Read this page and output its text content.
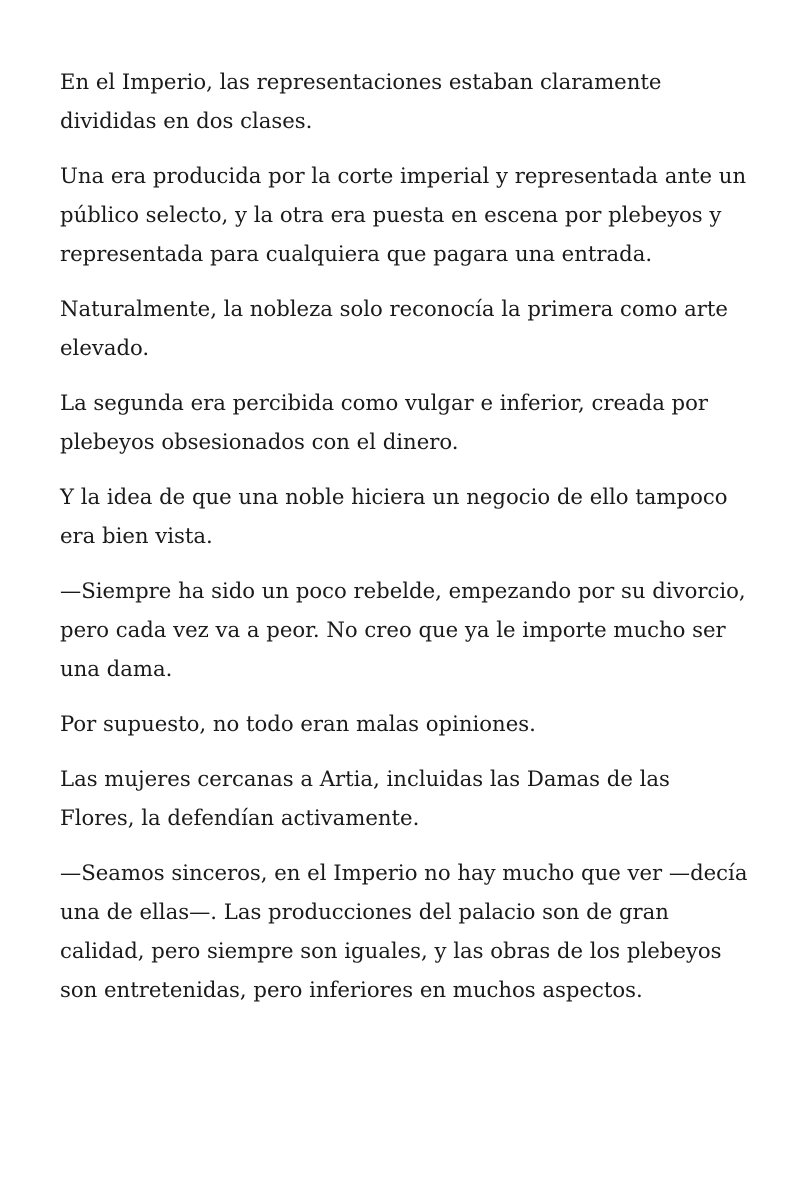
En el Imperio, las representaciones estaban claramente divididas en dos clases.

Una era producida por la corte imperial y representada ante un público selecto, y la otra era puesta en escena por plebeyos y representada para cualquiera que pagara una entrada.

Naturalmente, la nobleza solo reconocía la primera como arte elevado.

La segunda era percibida como vulgar e inferior, creada por plebeyos obsesionados con el dinero.

Y la idea de que una noble hiciera un negocio de ello tampoco era bien vista.

—Siempre ha sido un poco rebelde, empezando por su divorcio, pero cada vez va a peor. No creo que ya le importe mucho ser una dama.

Por supuesto, no todo eran malas opiniones.

Las mujeres cercanas a Artia, incluidas las Damas de las Flores, la defendían activamente.

—Seamos sinceros, en el Imperio no hay mucho que ver —decía una de ellas—. Las producciones del palacio son de gran calidad, pero siempre son iguales, y las obras de los plebeyos son entretenidas, pero inferiores en muchos aspectos.
